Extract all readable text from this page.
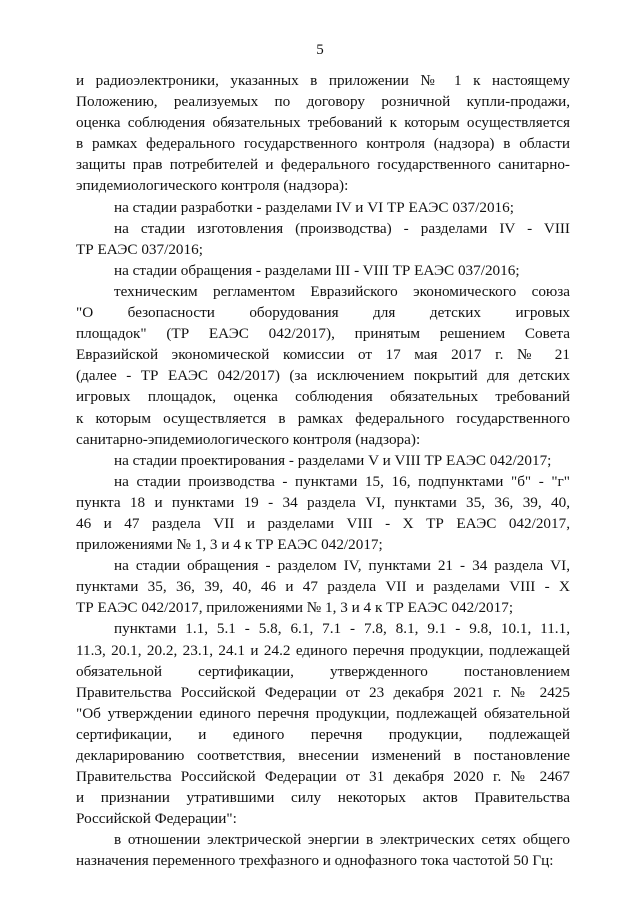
5

и радиоэлектроники, указанных в приложении № 1 к настоящему
Положению, реализуемых по договору розничной купли-продажи,
оценка соблюдения обязательных требований к которым осуществляется
в рамках федерального государственного контроля (надзора) в области
защиты прав потребителей и федерального государственного санитарно-
эпидемиологического контроля (надзора):

на стадии разработки - разделами IV и VI ТР ЕАЭС 037/2016;

на стадии изготовления (производства) - разделами IV - VIII
ТР ЕАЭС 037/2016;

на стадии обращения - разделами III - VIII ТР ЕАЭС 037/2016;

техническим регламентом Евразийского экономического союза
"О безопасности оборудования для детских игровых
площадок" (ТР ЕАЭС 042/2017), принятым решением Совета
Евразийской экономической комиссии от 17 мая 2017 г. № 21
(далее - ТР ЕАЭС 042/2017) (за исключением покрытий для детских
игровых площадок, оценка соблюдения обязательных требований
к которым осуществляется в рамках федерального государственного
санитарно-эпидемиологического контроля (надзора):

на стадии проектирования - разделами V и VIII ТР ЕАЭС 042/2017;

на стадии производства - пунктами 15, 16, подпунктами "б" - "г"
пункта 18 и пунктами 19 - 34 раздела VI, пунктами 35, 36, 39, 40,
46 и 47 раздела VII и разделами VIII - X ТР ЕАЭС 042/2017,
приложениями № 1, 3 и 4 к ТР ЕАЭС 042/2017;

на стадии обращения - разделом IV, пунктами 21 - 34 раздела VI,
пунктами 35, 36, 39, 40, 46 и 47 раздела VII и разделами VIII - X
ТР ЕАЭС 042/2017, приложениями № 1, 3 и 4 к ТР ЕАЭС 042/2017;

пунктами 1.1, 5.1 - 5.8, 6.1, 7.1 - 7.8, 8.1, 9.1 - 9.8, 10.1, 11.1,
11.3, 20.1, 20.2, 23.1, 24.1 и 24.2 единого перечня продукции, подлежащей
обязательной сертификации, утвержденного постановлением
Правительства Российской Федерации от 23 декабря 2021 г. № 2425
"Об утверждении единого перечня продукции, подлежащей обязательной
сертификации, и единого перечня продукции, подлежащей
декларированию соответствия, внесении изменений в постановление
Правительства Российской Федерации от 31 декабря 2020 г. № 2467
и признании утратившими силу некоторых актов Правительства
Российской Федерации":

в отношении электрической энергии в электрических сетях общего
назначения переменного трехфазного и однофазного тока частотой 50 Гц:
